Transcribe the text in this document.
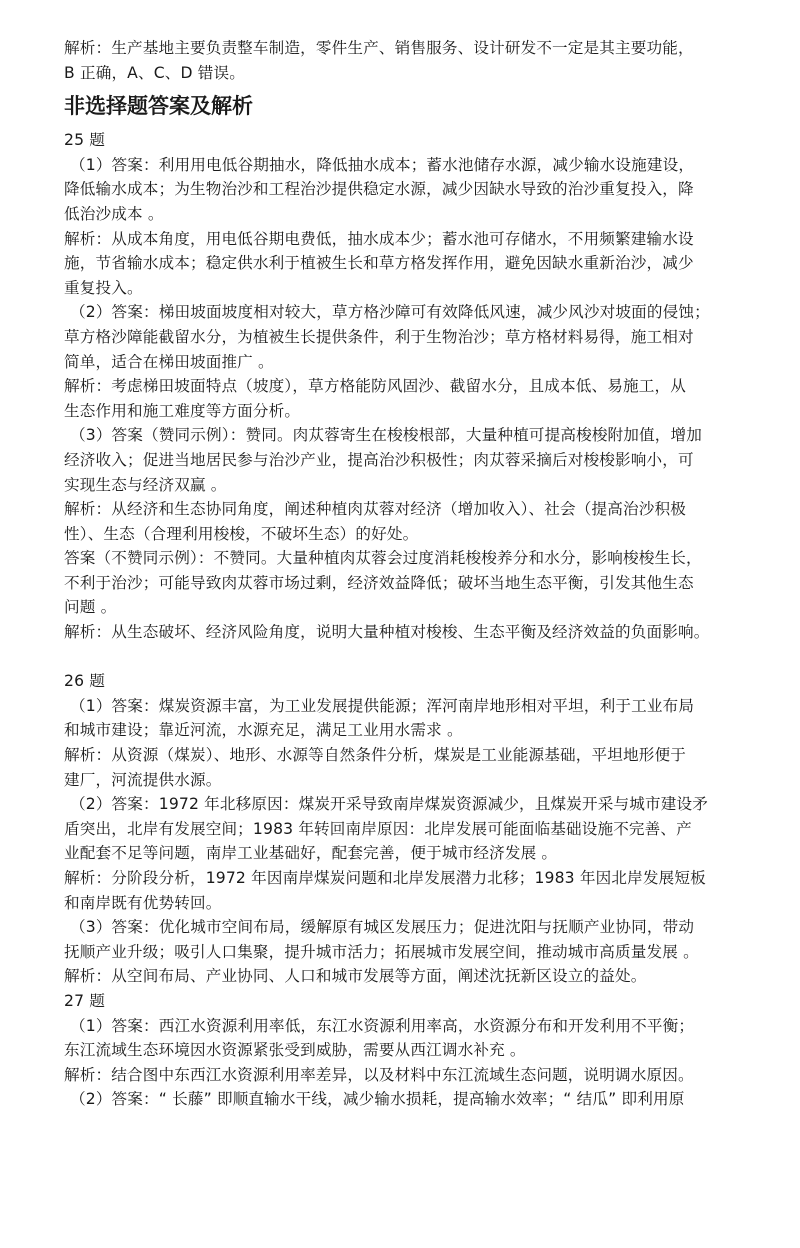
解析：生产基地主要负责整车制造，零件生产、销售服务、设计研发不一定是其主要功能，
B 正确，A、C、D 错误。
非选择题答案及解析
25 题
（1）答案：利用用电低谷期抽水，降低抽水成本；蓄水池储存水源，减少输水设施建设，
降低输水成本；为生物治沙和工程治沙提供稳定水源，减少因缺水导致的治沙重复投入，降
低治沙成本 。
解析：从成本角度，用电低谷期电费低，抽水成本少；蓄水池可存储水，不用频繁建输水设
施，节省输水成本；稳定供水利于植被生长和草方格发挥作用，避免因缺水重新治沙，减少
重复投入。
（2）答案：梯田坡面坡度相对较大，草方格沙障可有效降低风速，减少风沙对坡面的侵蚀；
草方格沙障能截留水分，为植被生长提供条件，利于生物治沙；草方格材料易得，施工相对
简单，适合在梯田坡面推广 。
解析：考虑梯田坡面特点（坡度），草方格能防风固沙、截留水分，且成本低、易施工，从
生态作用和施工难度等方面分析。
（3）答案（赞同示例）：赞同。肉苁蓉寄生在梭梭根部，大量种植可提高梭梭附加值，增加
经济收入；促进当地居民参与治沙产业，提高治沙积极性；肉苁蓉采摘后对梭梭影响小，可
实现生态与经济双赢 。
解析：从经济和生态协同角度，阐述种植肉苁蓉对经济（增加收入）、社会（提高治沙积极
性）、生态（合理利用梭梭，不破坏生态）的好处。
答案（不赞同示例）：不赞同。大量种植肉苁蓉会过度消耗梭梭养分和水分，影响梭梭生长，
不利于治沙；可能导致肉苁蓉市场过剩，经济效益降低；破坏当地生态平衡，引发其他生态
问题 。
解析：从生态破坏、经济风险角度，说明大量种植对梭梭、生态平衡及经济效益的负面影响。
26 题
（1）答案：煤炭资源丰富，为工业发展提供能源；浑河南岸地形相对平坦，利于工业布局
和城市建设；靠近河流，水源充足，满足工业用水需求 。
解析：从资源（煤炭）、地形、水源等自然条件分析，煤炭是工业能源基础，平坦地形便于
建厂，河流提供水源。
（2）答案：1972 年北移原因：煤炭开采导致南岸煤炭资源减少，且煤炭开采与城市建设矛
盾突出，北岸有发展空间；1983 年转回南岸原因：北岸发展可能面临基础设施不完善、产
业配套不足等问题，南岸工业基础好，配套完善，便于城市经济发展 。
解析：分阶段分析，1972 年因南岸煤炭问题和北岸发展潜力北移；1983 年因北岸发展短板
和南岸既有优势转回。
（3）答案：优化城市空间布局，缓解原有城区发展压力；促进沈阳与抚顺产业协同，带动
抚顺产业升级；吸引人口集聚，提升城市活力；拓展城市发展空间，推动城市高质量发展 。
解析：从空间布局、产业协同、人口和城市发展等方面，阐述沈抚新区设立的益处。
27 题
（1）答案：西江水资源利用率低，东江水资源利用率高，水资源分布和开发利用不平衡；
东江流域生态环境因水资源紧张受到威胁，需要从西江调水补充 。
解析：结合图中东西江水资源利用率差异，以及材料中东江流域生态问题，说明调水原因。
（2）答案：“ 长藤” 即顺直输水干线，减少输水损耗，提高输水效率；“ 结瓜” 即利用原
